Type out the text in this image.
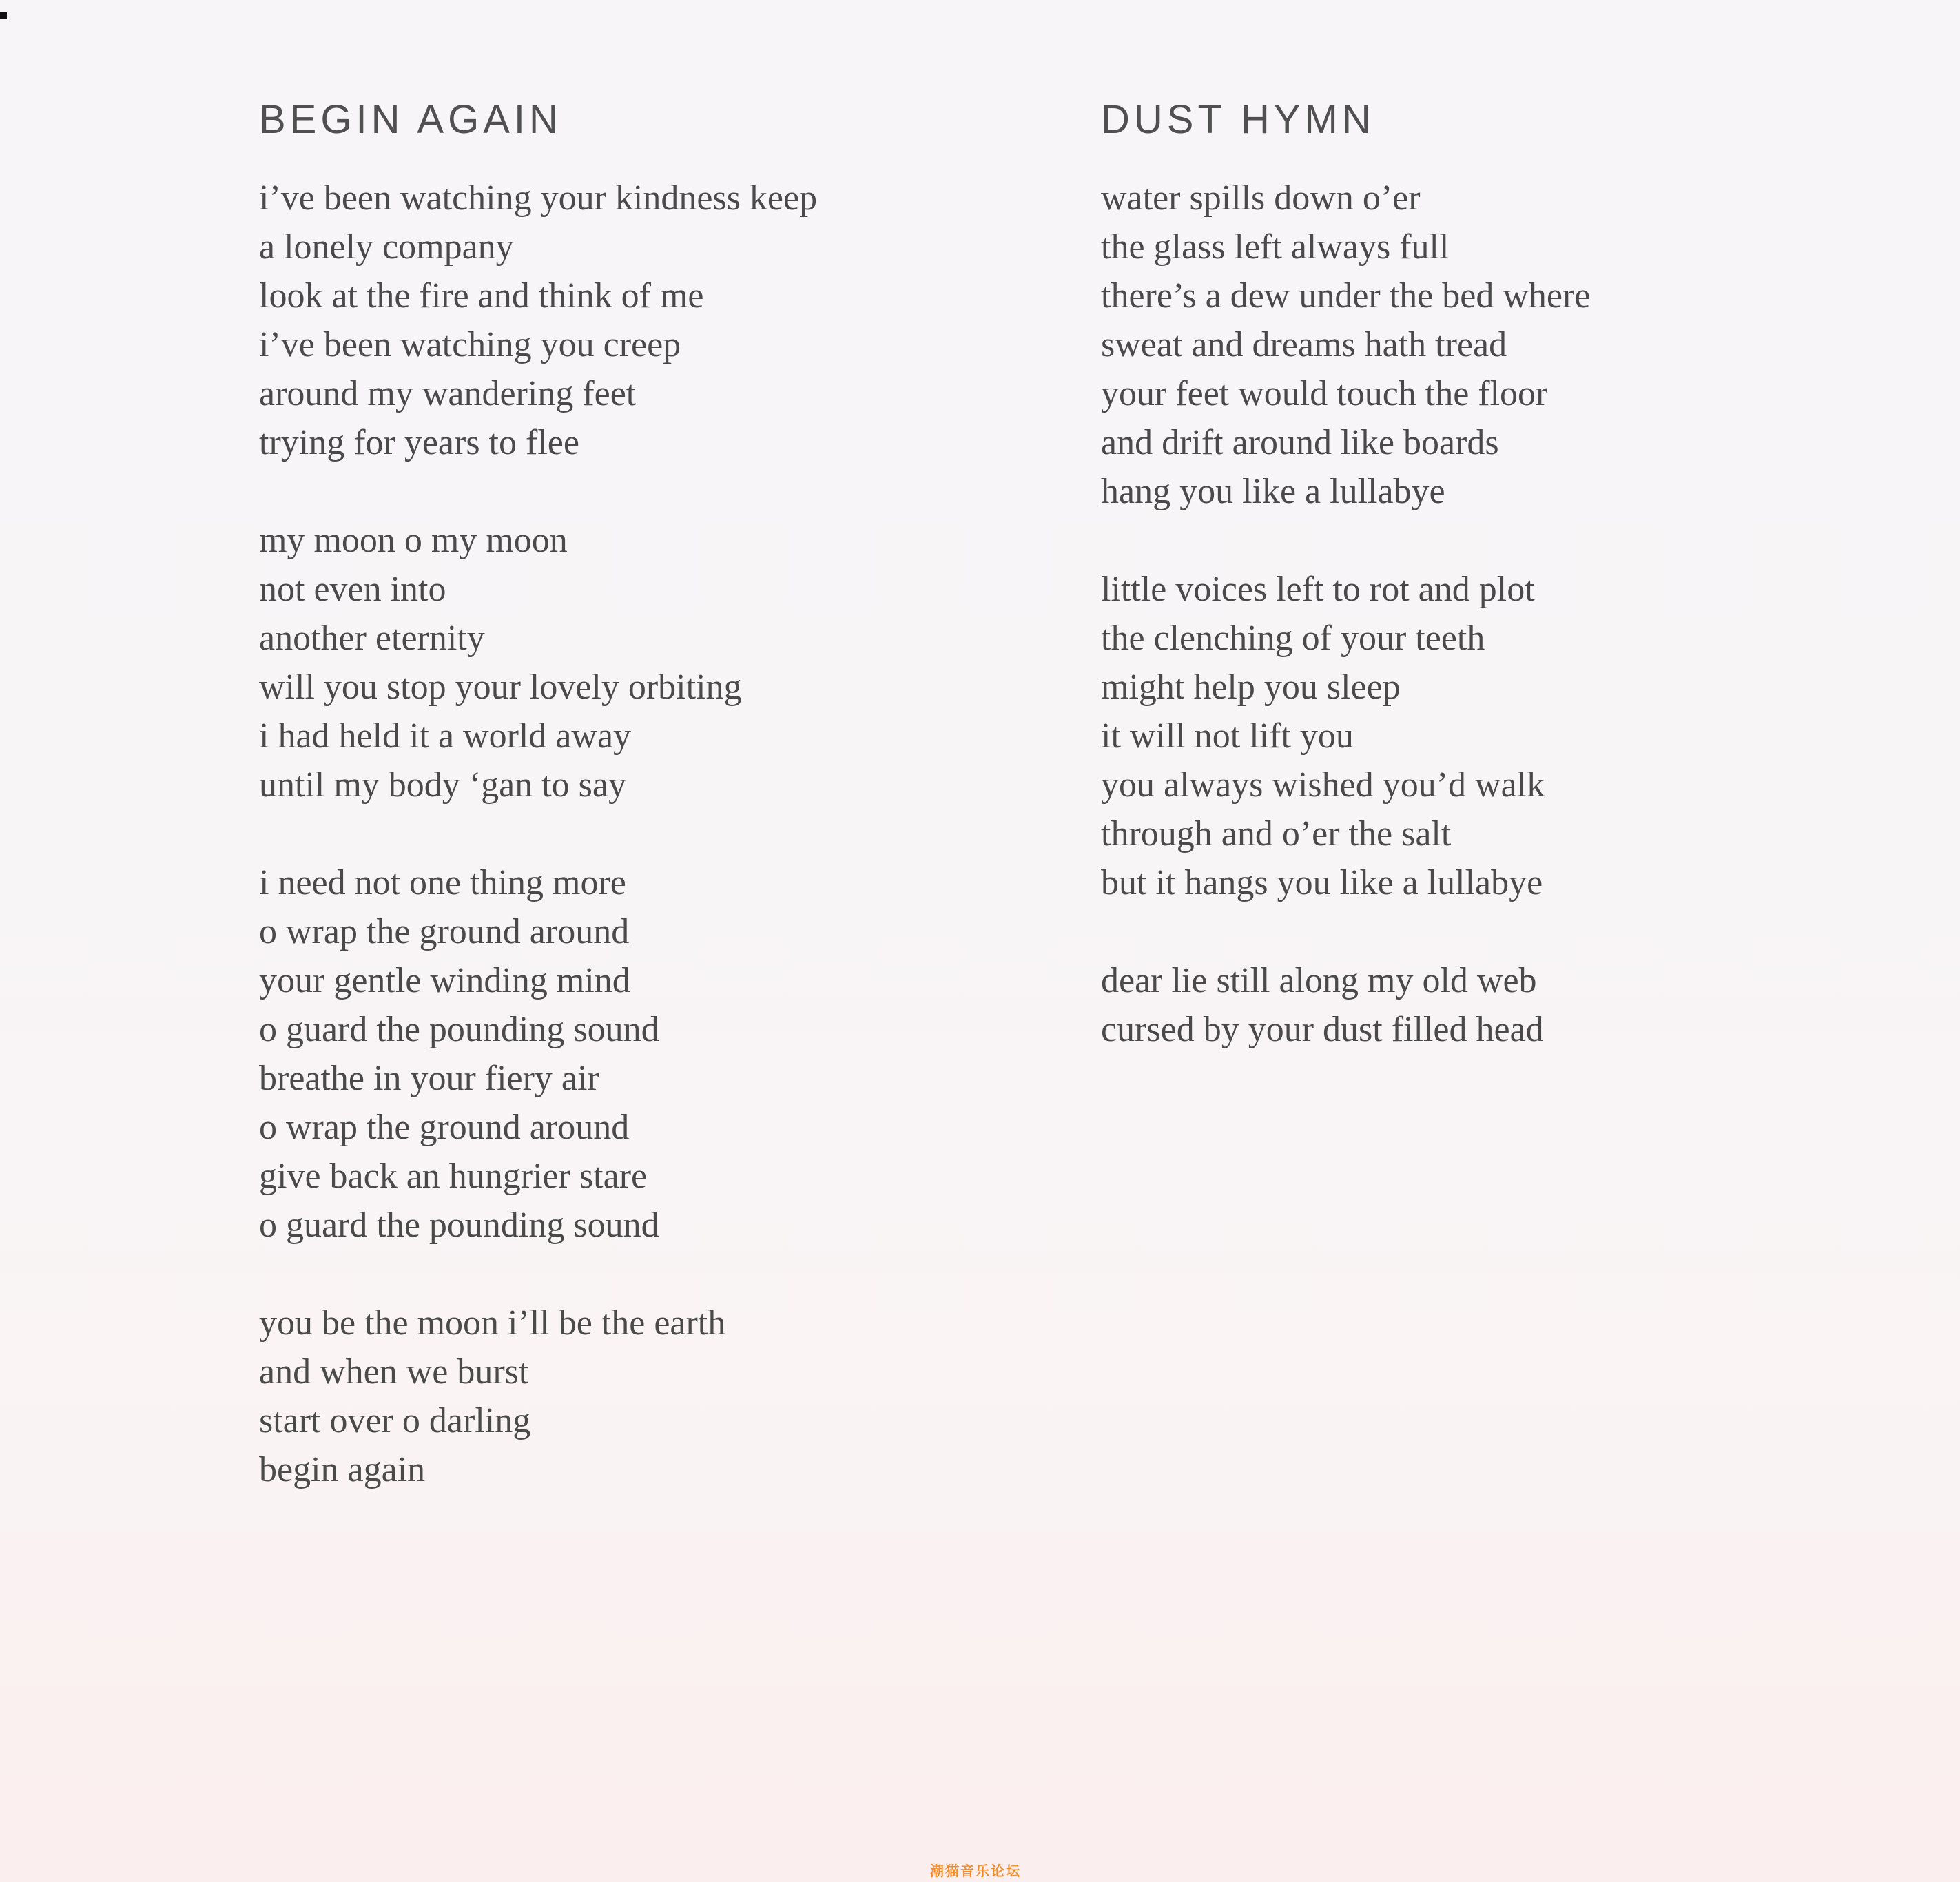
BEGIN AGAIN
i’ve been watching your kindness keep
a lonely company
look at the fire and think of me
i’ve been watching you creep
around my wandering feet
trying for years to flee
my moon o my moon
not even into
another eternity
will you stop your lovely orbiting
i had held it a world away
until my body ‘gan to say
i need not one thing more
o wrap the ground around
your gentle winding mind
o guard the pounding sound
breathe in your fiery air
o wrap the ground around
give back an hungrier stare
o guard the pounding sound
you be the moon i’ll be the earth
and when we burst
start over o darling
begin again
DUST HYMN
water spills down o’er
the glass left always full
there’s a dew under the bed where
sweat and dreams hath tread
your feet would touch the floor
and drift around like boards
hang you like a lullabye
little voices left to rot and plot
the clenching of your teeth
might help you sleep
it will not lift you
you always wished you’d walk
through and o’er the salt
but it hangs you like a lullabye
dear lie still along my old web
cursed by your dust filled head
潮猫音乐论坛
